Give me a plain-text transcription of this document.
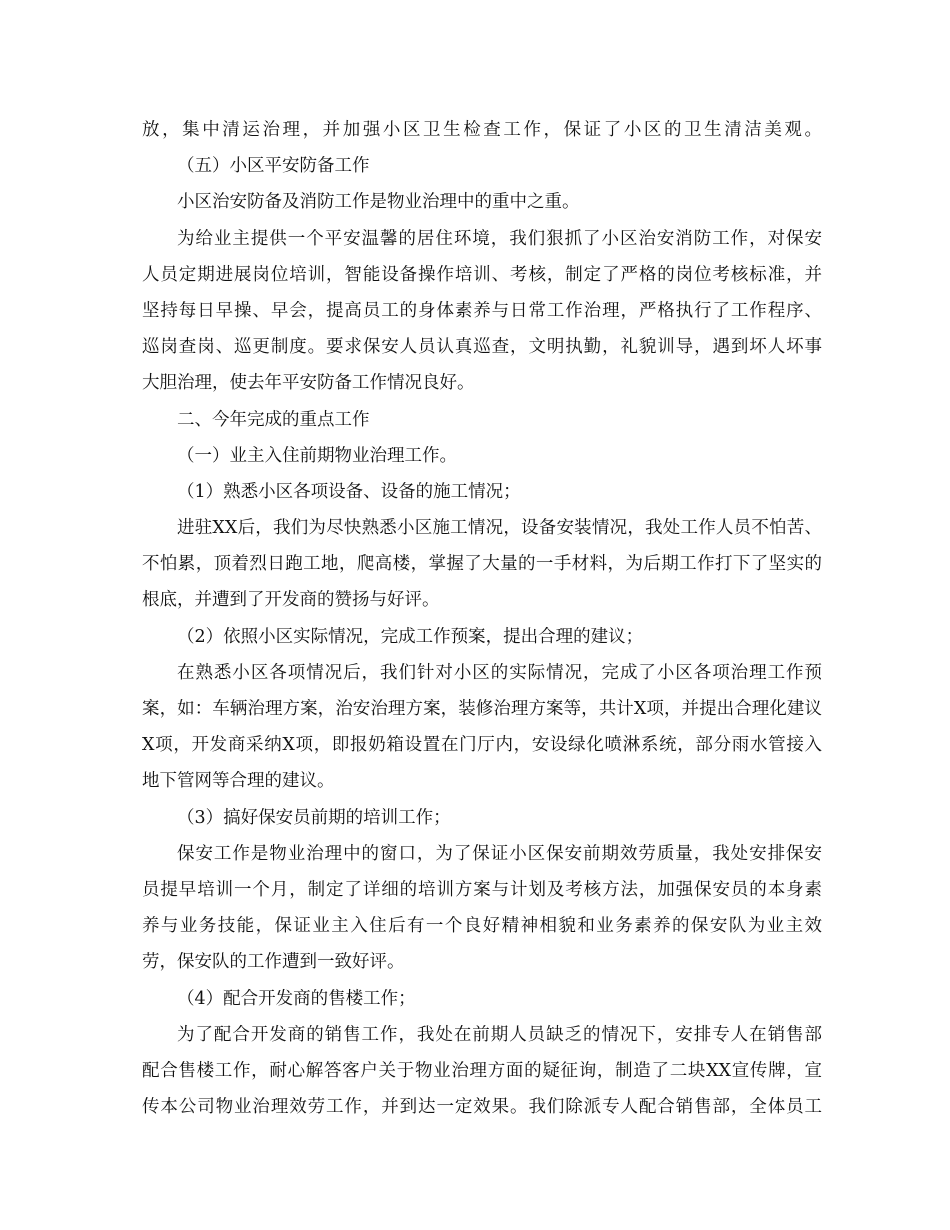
放，集中清运治理，并加强小区卫生检查工作，保证了小区的卫生清洁美观。
（五）小区平安防备工作
小区治安防备及消防工作是物业治理中的重中之重。
为给业主提供一个平安温馨的居住环境，我们狠抓了小区治安消防工作，对保安
人员定期进展岗位培训，智能设备操作培训、考核，制定了严格的岗位考核标准，并
坚持每日早操、早会，提高员工的身体素养与日常工作治理，严格执行了工作程序、
巡岗查岗、巡更制度。要求保安人员认真巡查，文明执勤，礼貌训导，遇到坏人坏事
大胆治理，使去年平安防备工作情况良好。
二、今年完成的重点工作
（一）业主入住前期物业治理工作。
（1）熟悉小区各项设备、设备的施工情况；
进驻XX后，我们为尽快熟悉小区施工情况，设备安装情况，我处工作人员不怕苦、
不怕累，顶着烈日跑工地，爬高楼，掌握了大量的一手材料，为后期工作打下了坚实的
根底，并遭到了开发商的赞扬与好评。
（2）依照小区实际情况，完成工作预案，提出合理的建议；
在熟悉小区各项情况后，我们针对小区的实际情况，完成了小区各项治理工作预
案，如：车辆治理方案，治安治理方案，装修治理方案等，共计X项，并提出合理化建议
X项，开发商采纳X项，即报奶箱设置在门厅内，安设绿化喷淋系统，部分雨水管接入
地下管网等合理的建议。
（3）搞好保安员前期的培训工作；
保安工作是物业治理中的窗口，为了保证小区保安前期效劳质量，我处安排保安
员提早培训一个月，制定了详细的培训方案与计划及考核方法，加强保安员的本身素
养与业务技能，保证业主入住后有一个良好精神相貌和业务素养的保安队为业主效
劳，保安队的工作遭到一致好评。
（4）配合开发商的售楼工作；
为了配合开发商的销售工作，我处在前期人员缺乏的情况下，安排专人在销售部
配合售楼工作，耐心解答客户关于物业治理方面的疑征询，制造了二块XX宣传牌，宣
传本公司物业治理效劳工作，并到达一定效果。我们除派专人配合销售部，全体员工
